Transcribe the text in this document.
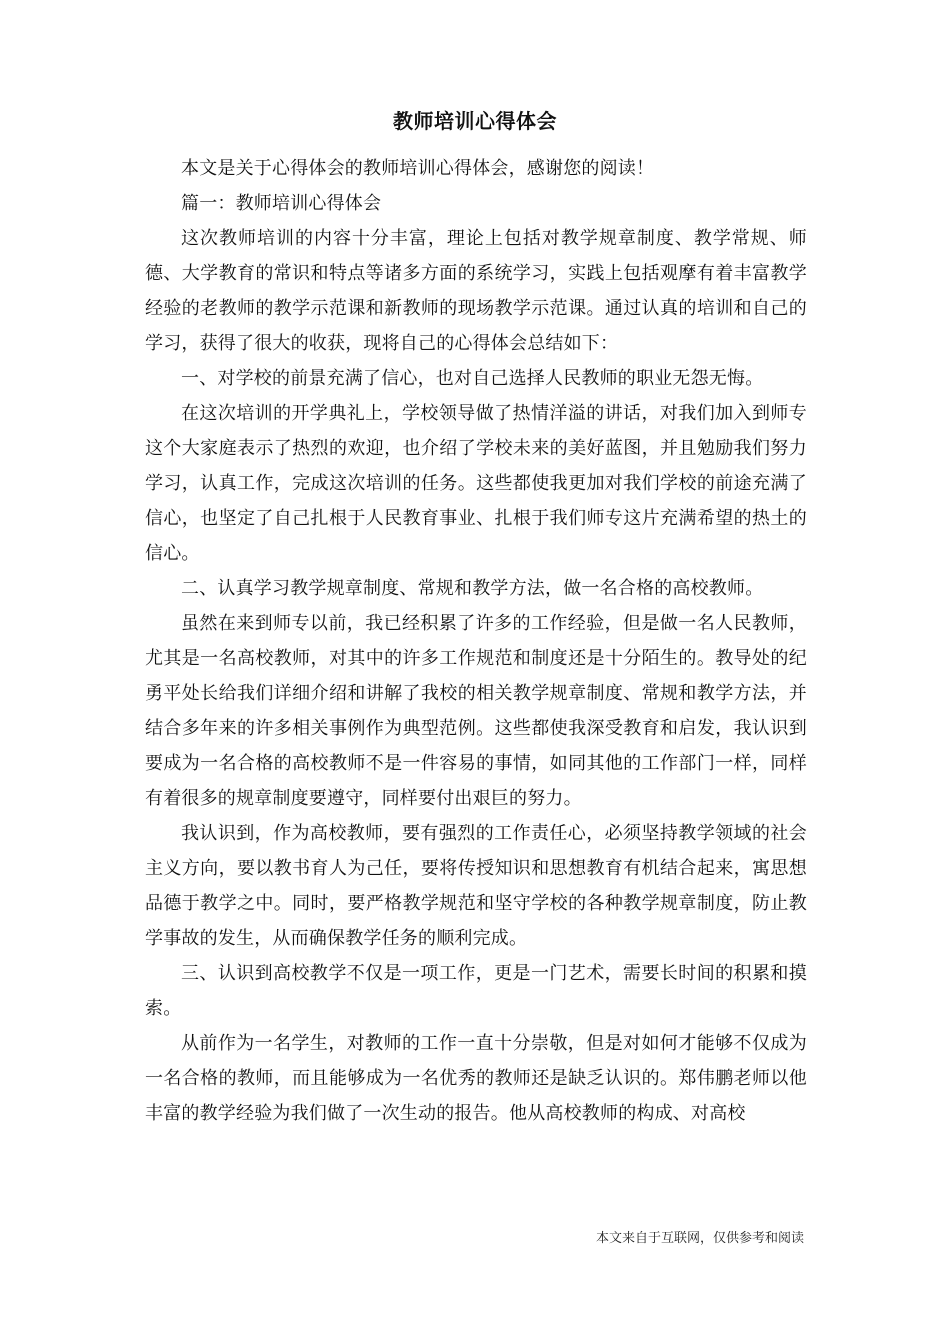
教师培训心得体会

本文是关于心得体会的教师培训心得体会，感谢您的阅读！

篇一：教师培训心得体会

这次教师培训的内容十分丰富，理论上包括对教学规章制度、教学常规、师德、大学教育的常识和特点等诸多方面的系统学习，实践上包括观摩有着丰富教学经验的老教师的教学示范课和新教师的现场教学示范课。通过认真的培训和自己的学习，获得了很大的收获，现将自己的心得体会总结如下：

一、对学校的前景充满了信心，也对自己选择人民教师的职业无怨无悔。

在这次培训的开学典礼上，学校领导做了热情洋溢的讲话，对我们加入到师专这个大家庭表示了热烈的欢迎，也介绍了学校未来的美好蓝图，并且勉励我们努力学习，认真工作，完成这次培训的任务。这些都使我更加对我们学校的前途充满了信心，也坚定了自己扎根于人民教育事业、扎根于我们师专这片充满希望的热土的信心。

二、认真学习教学规章制度、常规和教学方法，做一名合格的高校教师。

虽然在来到师专以前，我已经积累了许多的工作经验，但是做一名人民教师，尤其是一名高校教师，对其中的许多工作规范和制度还是十分陌生的。教导处的纪勇平处长给我们详细介绍和讲解了我校的相关教学规章制度、常规和教学方法，并结合多年来的许多相关事例作为典型范例。这些都使我深受教育和启发，我认识到要成为一名合格的高校教师不是一件容易的事情，如同其他的工作部门一样，同样有着很多的规章制度要遵守，同样要付出艰巨的努力。

我认识到，作为高校教师，要有强烈的工作责任心，必须坚持教学领域的社会主义方向，要以教书育人为己任，要将传授知识和思想教育有机结合起来，寓思想品德于教学之中。同时，要严格教学规范和坚守学校的各种教学规章制度，防止教学事故的发生，从而确保教学任务的顺利完成。

三、认识到高校教学不仅是一项工作，更是一门艺术，需要长时间的积累和摸索。

从前作为一名学生，对教师的工作一直十分崇敬，但是对如何才能够不仅成为一名合格的教师，而且能够成为一名优秀的教师还是缺乏认识的。郑伟鹏老师以他丰富的教学经验为我们做了一次生动的报告。他从高校教师的构成、对高校

本文来自于互联网，仅供参考和阅读
